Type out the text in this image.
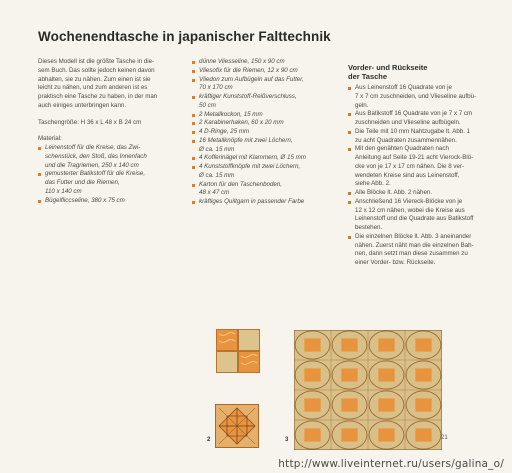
Wochenendtasche in japanischer Falttechnik
Dieses Modell ist die größte Tasche in die-
sem Buch. Das sollte jedoch keinen davon
abhalten, sie zu nähen. Zum einen ist sie
leicht zu nähen, und zum anderen ist es
praktisch eine Tasche zu haben, in der man
auch einiges unterbringen kann.

Taschengröße: H 36 x L 48 x B 24 cm

Material:

Leinenstoff für die Kreise, das Zwi-
schenstück, den Stoß, das Innenfach
und die Tragriemen, 250 x 140 cm
gemusterter Batikstoff für die Kreise,
das Futter und die Riemen,
110 x 140 cm
Bügelfliccseline, 380 x 75 cm
dünne Vliesseline, 150 x 90 cm
Vliesofix für die Riemen, 12 x 90 cm
Vliedon zum Aufbügeln auf das Futter,
70 x 170 cm
kräftiger Kunststoff-Reißverschluss,
50 cm
2 Metallkockon, 15 mm
2 Karabinerhaken, 60 x 20 mm
4 D-Ringe, 25 mm
16 Metallknöpfe mit zwei Löchern,
Ø ca. 15 mm
4 Kofferinägel mit Klammern, Ø 15 mm
4 Kunststoffknöpfe mit zwei Löchern,
Ø ca. 15 mm
Karton für den Taschenboden,
48 x 47 cm
kräftiges Quiltgarn in passender Farbe
Vorder- und Rückseite
der Tasche
Aus Leinenstoff 16 Quadrate von je
7 x 7 cm zuschneiden, und Vlieseline aufbü-
geln.
Aus Batikstoff 16 Quadrate von je 7 x 7 cm
zuschneiden und Vlieseline aufbügeln.
Die Teile mit 10 mm Nahtzugabe lt. Abb. 1
zu acht Quadraten zusammennähen.
Mit den genähten Quadraten nach
Anleitung auf Seite 19-21 acht Vierock-Blö-
cke von je 17 x 17 cm nähen. Die 8 ver-
wendeten Kreise sind aus Leinenstoff,
siehe Abb. 2.
Alle Blöcke lt. Abb. 2 nähen.
Anschließend 16 Viereck-Blöcke von je
12 x 12 cm nähen, wobei die Kreise aus
Leinenstoff und die Quadrate aus Batikstoff
bestehen.
Die einzelnen Blöcke lt. Abb. 3 aneinander
nähen. Zuerst näht man die einzelnen Bah-
nen, dann setzt man diese zusammen zu
einer Vorder- bzw. Rückseite.
2	3	21
http://www.liveinternet.ru/users/galina_o/
